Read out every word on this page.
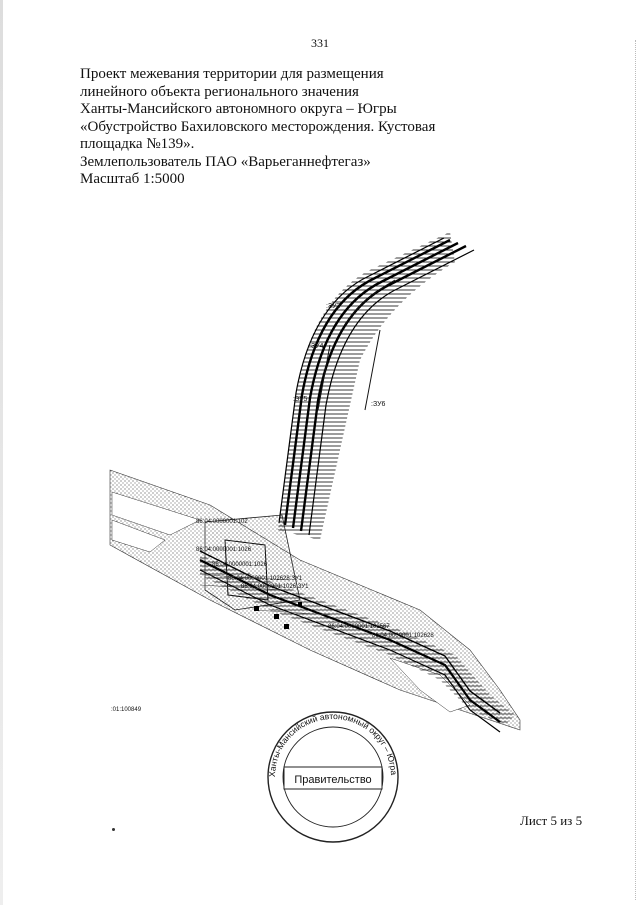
331
Проект межевания территории для размещения
линейного объекта регионального значения
Ханты-Мансийского автономного округа – Югры
«Обустройство Бахиловского месторождения. Кустовая
площадка №139».
Землепользователь ПАО «Варьеганнефтегаз»
Масштаб 1:5000
:ЗУ3
:ЗУ4
:ЗУ5
:ЗУ6
86:04:0000001:102
86:04:0000001:1026
86:04:0000001:1026
86:04:0000001:102628:ЗУ1
86:04:0000001:1026:ЗУ1
86:04:0000001:102567
86:04:0000001:102628
:01:100849
Ханты-Мансийский автономный округ – Югра
Правительство
Лист 5 из 5
